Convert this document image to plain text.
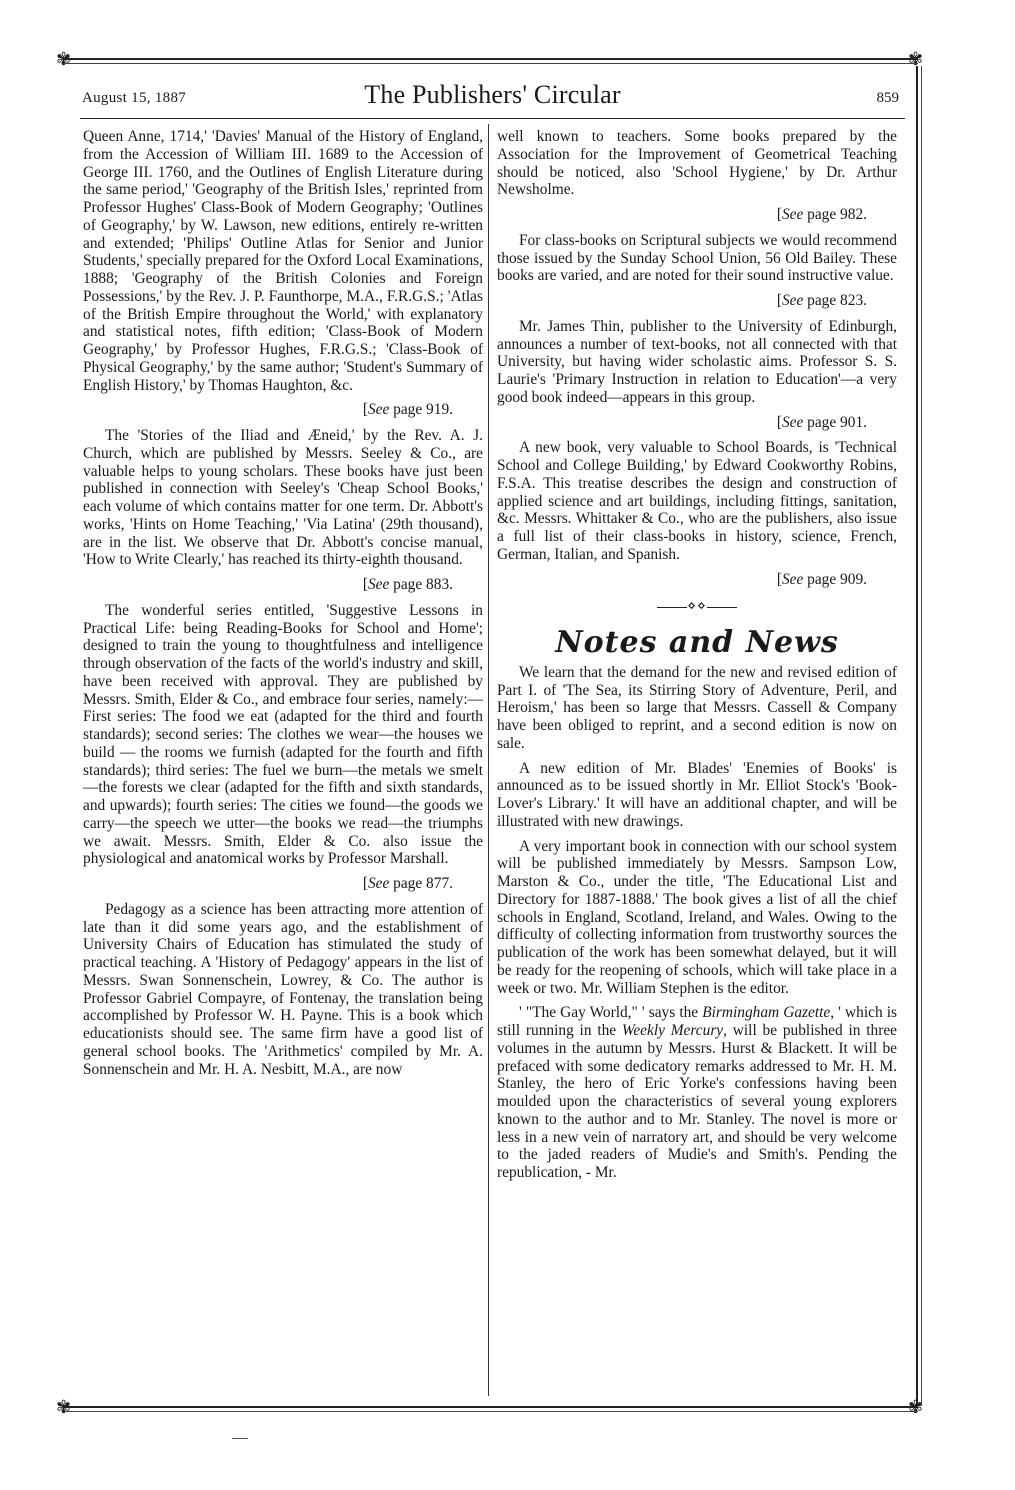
✾	✾
✾	✾
August 15, 1887	The Publishers' Circular	859

Queen Anne, 1714,' 'Davies' Manual of the History of England, from the Accession of William III. 1689 to the Accession of George III. 1760, and the Outlines of English Literature during the same period,' 'Geography of the British Isles,' reprinted from Professor Hughes' Class-Book of Modern Geography; 'Outlines of Geography,' by W. Lawson, new editions, entirely re-written and extended; 'Philips' Outline Atlas for Senior and Junior Students,' specially prepared for the Oxford Local Examinations, 1888; 'Geography of the British Colonies and Foreign Possessions,' by the Rev. J. P. Faunthorpe, M.A., F.R.G.S.; 'Atlas of the British Empire throughout the World,' with explanatory and statistical notes, fifth edition; 'Class-Book of Modern Geography,' by Professor Hughes, F.R.G.S.; 'Class-Book of Physical Geography,' by the same author; 'Student's Summary of English History,' by Thomas Haughton, &c.

[See page 919.

The 'Stories of the Iliad and Æneid,' by the Rev. A. J. Church, which are published by Messrs. Seeley & Co., are valuable helps to young scholars. These books have just been published in connection with Seeley's 'Cheap School Books,' each volume of which contains matter for one term. Dr. Abbott's works, 'Hints on Home Teaching,' 'Via Latina' (29th thousand), are in the list. We observe that Dr. Abbott's concise manual, 'How to Write Clearly,' has reached its thirty-eighth thousand.

[See page 883.

The wonderful series entitled, 'Suggestive Lessons in Practical Life: being Reading-Books for School and Home'; designed to train the young to thoughtfulness and intelligence through observation of the facts of the world's industry and skill, have been received with approval. They are published by Messrs. Smith, Elder & Co., and embrace four series, namely:—First series: The food we eat (adapted for the third and fourth standards); second series: The clothes we wear—the houses we build — the rooms we furnish (adapted for the fourth and fifth standards); third series: The fuel we burn—the metals we smelt—the forests we clear (adapted for the fifth and sixth standards, and upwards); fourth series: The cities we found—the goods we carry—the speech we utter—the books we read—the triumphs we await. Messrs. Smith, Elder & Co. also issue the physiological and anatomical works by Professor Marshall.

[See page 877.

Pedagogy as a science has been attracting more attention of late than it did some years ago, and the establishment of University Chairs of Education has stimulated the study of practical teaching. A 'History of Pedagogy' appears in the list of Messrs. Swan Sonnenschein, Lowrey, & Co. The author is Professor Gabriel Compayre, of Fontenay, the translation being accomplished by Professor W. H. Payne. This is a book which educationists should see. The same firm have a good list of general school books. The 'Arithmetics' compiled by Mr. A. Sonnenschein and Mr. H. A. Nesbitt, M.A., are now

well known to teachers. Some books prepared by the Association for the Improvement of Geometrical Teaching should be noticed, also 'School Hygiene,' by Dr. Arthur Newsholme.

[See page 982.

For class-books on Scriptural subjects we would recommend those issued by the Sunday School Union, 56 Old Bailey. These books are varied, and are noted for their sound instructive value.

[See page 823.

Mr. James Thin, publisher to the University of Edinburgh, announces a number of text-books, not all connected with that University, but having wider scholastic aims. Professor S. S. Laurie's 'Primary Instruction in relation to Education'—a very good book indeed—appears in this group.

[See page 901.

A new book, very valuable to School Boards, is 'Technical School and College Building,' by Edward Cookworthy Robins, F.S.A. This treatise describes the design and construction of applied science and art buildings, including fittings, sanitation, &c. Messrs. Whittaker & Co., who are the publishers, also issue a full list of their class-books in history, science, French, German, Italian, and Spanish.

[See page 909.
⋄⋄
Notes and News

We learn that the demand for the new and revised edition of Part I. of 'The Sea, its Stirring Story of Adventure, Peril, and Heroism,' has been so large that Messrs. Cassell & Company have been obliged to reprint, and a second edition is now on sale.

A new edition of Mr. Blades' 'Enemies of Books' is announced as to be issued shortly in Mr. Elliot Stock's 'Book-Lover's Library.' It will have an additional chapter, and will be illustrated with new drawings.

A very important book in connection with our school system will be published immediately by Messrs. Sampson Low, Marston & Co., under the title, 'The Educational List and Directory for 1887-1888.' The book gives a list of all the chief schools in England, Scotland, Ireland, and Wales. Owing to the difficulty of collecting information from trustworthy sources the publication of the work has been somewhat delayed, but it will be ready for the reopening of schools, which will take place in a week or two. Mr. William Stephen is the editor.

' "The Gay World," ' says the Birmingham Gazette, ' which is still running in the Weekly Mercury, will be published in three volumes in the autumn by Messrs. Hurst & Blackett. It will be prefaced with some dedicatory remarks addressed to Mr. H. M. Stanley, the hero of Eric Yorke's confessions having been moulded upon the characteristics of several young explorers known to the author and to Mr. Stanley. The novel is more or less in a new vein of narratory art, and should be very welcome to the jaded readers of Mudie's and Smith's. Pending the republication, - Mr.
